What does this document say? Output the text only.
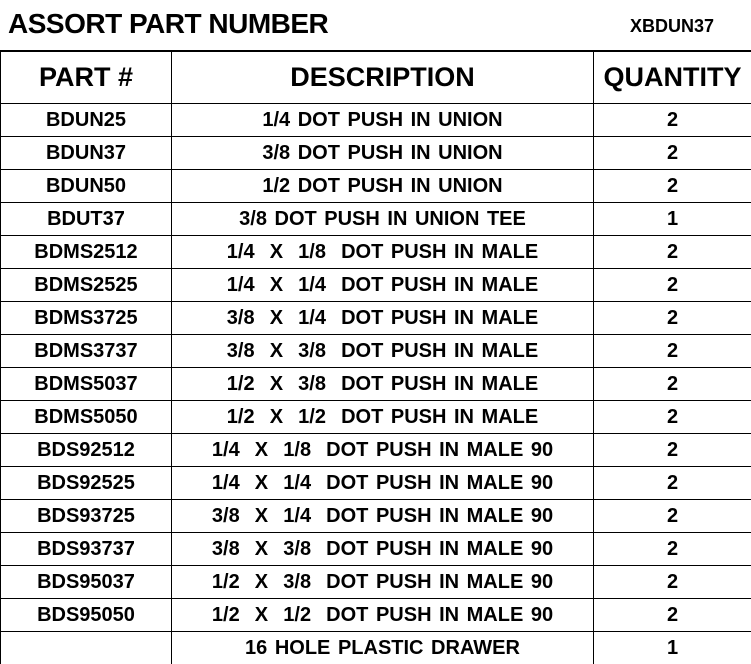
ASSORT PART NUMBER	XBDUN37
PART #	DESCRIPTION	QUANTITY
BDUN25	1/4 DOT PUSH IN UNION	2
BDUN37	3/8 DOT PUSH IN UNION	2
BDUN50	1/2 DOT PUSH IN UNION	2
BDUT37	3/8 DOT PUSH IN UNION TEE	1
BDMS2512	1/4  X  1/8  DOT PUSH IN MALE	2
BDMS2525	1/4  X  1/4  DOT PUSH IN MALE	2
BDMS3725	3/8  X  1/4  DOT PUSH IN MALE	2
BDMS3737	3/8  X  3/8  DOT PUSH IN MALE	2
BDMS5037	1/2  X  3/8  DOT PUSH IN MALE	2
BDMS5050	1/2  X  1/2  DOT PUSH IN MALE	2
BDS92512	1/4  X  1/8  DOT PUSH IN MALE 90	2
BDS92525	1/4  X  1/4  DOT PUSH IN MALE 90	2
BDS93725	3/8  X  1/4  DOT PUSH IN MALE 90	2
BDS93737	3/8  X  3/8  DOT PUSH IN MALE 90	2
BDS95037	1/2  X  3/8  DOT PUSH IN MALE 90	2
BDS95050	1/2  X  1/2  DOT PUSH IN MALE 90	2
	16 HOLE PLASTIC DRAWER	1
